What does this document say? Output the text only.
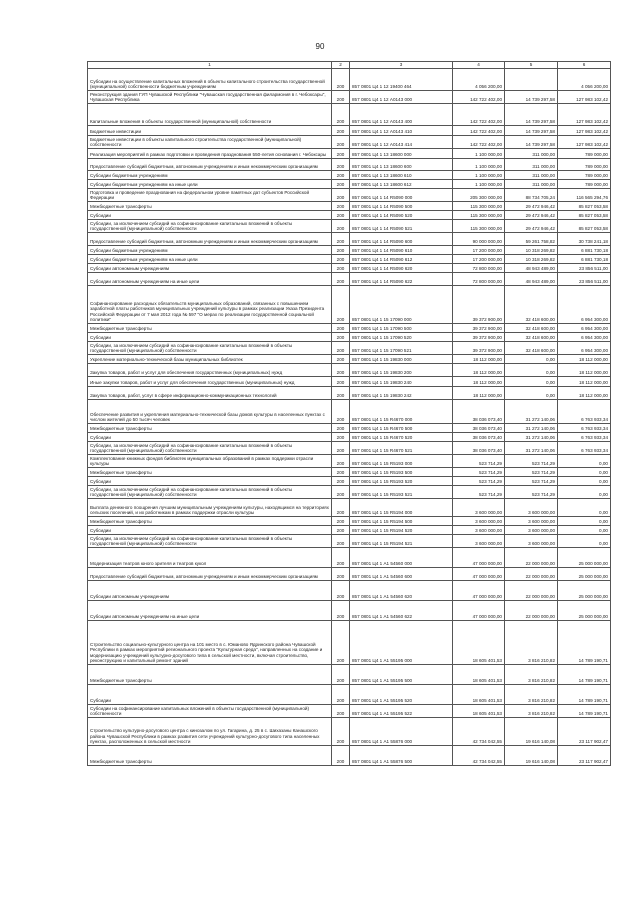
90
1	2	3	4	5	6
Субсидии на осуществление капитальных вложений в объекты капитального строительства государственной (муниципальной) собственности бюджетным учреждениям	200	857 0801 Ц4 1 12 19400 464	4 056 200,00		4 056 200,00
Реконструкция здания ГУП Чувашской Республики "Чувашская государственная филармония в г. Чебоксары", Чувашская Республика	200	857 0801 Ц4 1 12 А0143 000	142 722 402,00	14 739 297,58	127 983 102,42
Капитальные вложения в объекты государственной (муниципальной) собственности	200	857 0801 Ц4 1 12 А0143 400	142 722 402,00	14 739 297,58	127 983 102,42
Бюджетные инвестиции	200	857 0801 Ц4 1 12 А0143 410	142 722 402,00	14 739 297,58	127 983 102,42
Бюджетные инвестиции в объекты капитального строительства государственной (муниципальной) собственности	200	857 0801 Ц4 1 12 А0143 414	142 722 402,00	14 739 297,58	127 983 102,42
Реализация мероприятий в рамках подготовки и проведения празднования 550-летия основания г. Чебоксары	200	857 0801 Ц4 1 13 18600 000	1 100 000,00	311 000,00	789 000,00
Предоставление субсидий бюджетным, автономным учреждениям и иным некоммерческим организациям	200	857 0801 Ц4 1 13 18600 600	1 100 000,00	311 000,00	789 000,00
Субсидии бюджетным учреждениям	200	857 0801 Ц4 1 13 18600 610	1 100 000,00	311 000,00	789 000,00
Субсидии бюджетным учреждениям на иные цели	200	857 0801 Ц4 1 13 18600 612	1 100 000,00	311 000,00	789 000,00
Подготовка и проведение празднования на федеральном уровне памятных дат субъектов Российской Федерации	200	857 0801 Ц4 1 14 R5090 000	205 300 000,00	88 734 705,24	116 565 294,76
Межбюджетные трансферты	200	857 0801 Ц4 1 14 R5090 500	115 300 000,00	29 472 946,42	85 827 053,58
Субсидии	200	857 0801 Ц4 1 14 R5090 520	115 300 000,00	29 472 946,42	85 827 053,58
Субсидии, за исключением субсидий на софинансирование капитальных вложений в объекты государственной (муниципальной) собственности	200	857 0801 Ц4 1 14 R5090 521	115 300 000,00	29 472 946,42	85 827 053,58
Предоставление субсидий бюджетным, автономным учреждениям и иным некоммерческим организациям	200	857 0801 Ц4 1 14 R5090 600	90 000 000,00	59 261 758,82	30 738 241,18
Субсидии бюджетным учреждениям	200	857 0801 Ц4 1 14 R5090 610	17 200 000,00	10 318 269,82	6 881 730,18
Субсидии бюджетным учреждениям на иные цели	200	857 0801 Ц4 1 14 R5090 612	17 200 000,00	10 318 269,82	6 881 730,18
Субсидии автономным учреждениям	200	857 0801 Ц4 1 14 R5090 620	72 800 000,00	48 943 489,00	23 856 511,00
Субсидии автономным учреждениям на иные цели	200	857 0801 Ц4 1 14 R5090 622	72 800 000,00	48 943 489,00	23 856 511,00
Софинансирование расходных обязательств муниципальных образований, связанных с повышением заработной платы работников муниципальных учреждений культуры в рамках реализации Указа Президента Российской Федерации от 7 мая 2012 года № 597 "О мерах по реализации государственной социальной политики"	200	857 0801 Ц4 1 15 17090 000	39 372 900,00	32 418 600,00	6 954 300,00
Межбюджетные трансферты	200	857 0801 Ц4 1 15 17090 500	39 372 900,00	32 418 600,00	6 954 300,00
Субсидии	200	857 0801 Ц4 1 15 17090 520	39 372 900,00	32 418 600,00	6 954 300,00
Субсидии, за исключением субсидий на софинансирование капитальных вложений в объекты государственной (муниципальной) собственности	200	857 0801 Ц4 1 15 17090 521	39 372 900,00	32 418 600,00	6 954 300,00
Укрепление материально-технической базы муниципальных библиотек	200	857 0801 Ц4 1 15 19830 000	18 112 000,00	0,00	18 112 000,00
Закупка товаров, работ и услуг для обеспечения государственных (муниципальных) нужд	200	857 0801 Ц4 1 15 19830 200	18 112 000,00	0,00	18 112 000,00
Иные закупки товаров, работ и услуг для обеспечения государственных (муниципальных) нужд	200	857 0801 Ц4 1 15 19830 240	18 112 000,00	0,00	18 112 000,00
Закупка товаров, работ, услуг в сфере информационно-коммуникационных технологий	200	857 0801 Ц4 1 15 19830 242	18 112 000,00	0,00	18 112 000,00
Обеспечение развития и укрепления материально-технической базы домов культуры в населенных пунктах с числом жителей до 50 тысяч человек	200	857 0801 Ц4 1 15 R4670 000	38 036 073,40	31 272 140,06	6 763 933,34
Межбюджетные трансферты	200	857 0801 Ц4 1 15 R4670 500	38 036 073,40	31 272 140,06	6 763 933,34
Субсидии	200	857 0801 Ц4 1 15 R4670 520	38 036 073,40	31 272 140,06	6 763 933,34
Субсидии, за исключением субсидий на софинансирование капитальных вложений в объекты государственной (муниципальной) собственности	200	857 0801 Ц4 1 15 R4670 521	38 036 073,40	31 272 140,06	6 763 933,34
Комплектование книжных фондов библиотек муниципальных образований в рамках поддержки отрасли культуры	200	857 0801 Ц4 1 15 R5193 000	523 714,29	523 714,29	0,00
Межбюджетные трансферты	200	857 0801 Ц4 1 15 R5193 500	523 714,29	523 714,29	0,00
Субсидии	200	857 0801 Ц4 1 15 R5193 520	523 714,29	523 714,29	0,00
Субсидии, за исключением субсидий на софинансирование капитальных вложений в объекты государственной (муниципальной) собственности	200	857 0801 Ц4 1 15 R5193 521	523 714,29	523 714,29	0,00
Выплата денежного поощрения лучшим муниципальным учреждениям культуры, находящимся на территориях сельских поселений, и их работникам в рамках поддержки отрасли культуры	200	857 0801 Ц4 1 15 R5194 000	3 600 000,00	3 600 000,00	0,00
Межбюджетные трансферты	200	857 0801 Ц4 1 15 R5194 500	3 600 000,00	3 600 000,00	0,00
Субсидии	200	857 0801 Ц4 1 15 R5194 520	3 600 000,00	3 600 000,00	0,00
Субсидии, за исключением субсидий на софинансирование капитальных вложений в объекты государственной (муниципальной) собственности	200	857 0801 Ц4 1 15 R5194 521	3 600 000,00	3 600 000,00	0,00
Модернизация театров юного зрителя и театров кукол	200	857 0801 Ц4 1 А1 54560 000	47 000 000,00	22 000 000,00	25 000 000,00
Предоставление субсидий бюджетным, автономным учреждениям и иным некоммерческим организациям	200	857 0801 Ц4 1 А1 54560 600	47 000 000,00	22 000 000,00	25 000 000,00
Субсидии автономным учреждениям	200	857 0801 Ц4 1 А1 54560 620	47 000 000,00	22 000 000,00	25 000 000,00
Субсидии автономным учреждениям на иные цели	200	857 0801 Ц4 1 А1 54560 622	47 000 000,00	22 000 000,00	25 000 000,00
Строительство социально-культурного центра на 101 место в с. Юманово Ядринского района Чувашской Республики в рамках мероприятий регионального проекта "Культурная среда", направленных на создание и модернизацию учреждений культурно-досугового типа в сельской местности, включая строительство, реконструкцию и капитальный ремонт зданий	200	857 0801 Ц4 1 А1 55195 000	18 605 401,53	3 816 210,82	14 789 190,71
Межбюджетные трансферты	200	857 0801 Ц4 1 А1 55195 500	18 605 401,53	3 816 210,82	14 789 190,71
Субсидии	200	857 0801 Ц4 1 А1 55195 520	18 605 401,53	3 816 210,82	14 789 190,71
Субсидии на софинансирование капитальных вложений в объекты государственной (муниципальной) собственности	200	857 0801 Ц4 1 А1 55195 522	18 605 401,53	3 816 210,82	14 789 190,71
Строительство культурно-досугового центра с кинозалом по ул. Гагарина, д. 25 в с. Шихазаны Канашского района Чувашской Республики в рамках развития сети учреждений культурно-досугового типа населенных пунктах, расположенных в сельской местности	200	857 0801 Ц4 1 А1 55876 000	42 734 042,55	19 616 140,08	23 117 902,47
Межбюджетные трансферты	200	857 0801 Ц4 1 А1 55876 500	42 734 042,55	19 616 140,08	23 117 902,47
